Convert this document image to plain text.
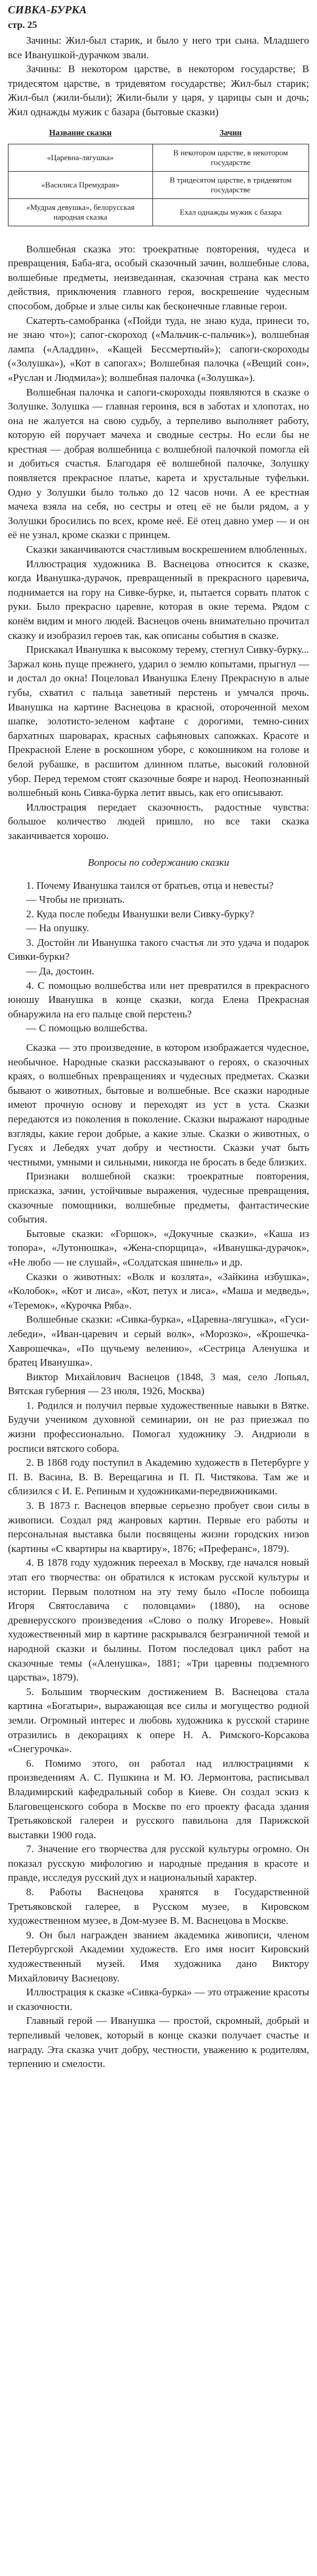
СИВКА-БУРКА
стр. 25

Зачины: Жил-был старик, и было у него три сына. Младшего все Иванушкой-дурачком звали.

Зачины: В некотором царстве, в некотором государстве; В тридесятом царстве, в тридевятом государстве; Жил-был старик; Жил-был (жили-были); Жили-были у царя, у царицы сын и дочь; Жил однажды мужик с базара (бытовые сказки)

Название сказки	Зачин
«Царевна-лягушка»	В некотором царстве, в некотором государстве
«Василиса Премудрая»	В тридесятом царстве, в тридевятом государстве
«Мудрая девушка», белорусская народная сказка	Ехал однажды мужик с базара

Волшебная сказка это: троекратные повторения, чудеса и превращения, Баба-яга, особый сказочный зачин, волшебные слова, волшебные предметы, неизведанная, сказочная страна как место действия, приключения главного героя, воскрешение чудесным способом, добрые и злые силы как бесконечные главные герои.

Скатерть-самобранка («Пойди туда, не знаю куда, принеси то, не знаю что»); сапог-скороход («Мальчик-с-пальчик»), волшебная лампа («Аладдин», «Кащей Бессмертный»); сапоги-скороходы («Золушка»), «Кот в сапогах»; Волшебная палочка («Вещий сон», «Руслан и Людмила»); волшебная палочка («Золушка»).

Волшебная палочка и сапоги-скороходы появляются в сказке о Золушке. Золушка — главная героиня, вся в заботах и хлопотах, но она не жалуется на свою судьбу, а терпеливо выполняет работу, которую ей поручает мачеха и сводные сестры. Но если бы не крестная — добрая волшебница с волшебной палочкой помогла ей и добиться счастья. Благодаря её волшебной палочке, Золушку появляется прекрасное платье, карета и хрустальные туфельки. Одно у Золушки было только до 12 часов ночи. А ее крестная мачеха взяла на себя, но сестры и отец её не были рядом, а у Золушки бросились по всех, кроме неё. Её отец давно умер — и он её не узнал, кроме сказки с принцем.

Сказки заканчиваются счастливым воскрешением влюбленных.

Иллюстрация художника В. Васнецова относится к сказке, когда Иванушка-дурачок, превращенный в прекрасного царевича, поднимается на гору на Сивке-бурке, и, пытается сорвать платок с руки. Было прекрасно царевне, которая в окне терема. Рядом с конём видим и много людей. Васнецов очень внимательно прочитал сказку и изобразил героев так, как описаны события в сказке.

Прискакал Иванушка к высокому терему, стегнул Сивку-бурку... Заржал конь пуще прежнего, ударил о землю копытами, прыгнул — и достал до окна! Поцеловал Иванушка Елену Прекрасную в алые губы, схватил с пальца заветный перстень и умчался прочь. Иванушка на картине Васнецова в красной, отороченной мехом шапке, золотисто-зеленом кафтане с дорогими, темно-синих бархатных шароварах, красных сафьяновых сапожках. Красоте и Прекрасной Елене в роскошном уборе, с кокошником на голове и белой рубашке, в расшитом длинном платье, высокий головной убор. Перед теремом стоят сказочные бояре и народ. Неопознанный волшебный конь Сивка-бурка летит ввысь, как его описывают.

Иллюстрация передает сказочность, радостные чувства: большое количество людей пришло, но все таки сказка заканчивается хорошо.

Вопросы по содержанию сказки

1. Почему Иванушка таился от братьев, отца и невесты?

— Чтобы не признать.

2. Куда после победы Иванушки вели Сивку-бурку?

— На опушку.

3. Достойн ли Иванушка такого счастья ли это удача и подарок Сивки-бурки?

— Да, достоин.

4. С помощью волшебства или нет превратился в прекрасного юношу Иванушка в конце сказки, когда Елена Прекрасная обнаружила на его пальце свой перстень?

— С помощью волшебства.

Сказка — это произведение, в котором изображается чудесное, необычное. Народные сказки рассказывают о героях, о сказочных краях, о волшебных превращениях и чудесных предметах. Сказки бывают о животных, бытовые и волшебные. Все сказки народные имеют прочную основу и переходят из уст в уста. Сказки передаются из поколения в поколение. Сказки выражают народные взгляды, какие герои добрые, а какие злые. Сказки о животных, о Гусях и Лебедях учат добру и честности. Сказки учат быть честными, умными и сильными, никогда не бросать в беде близких.

Признаки волшебной сказки: троекратные повторения, присказка, зачин, устойчивые выражения, чудесные превращения, сказочные помощники, волшебные предметы, фантастические события.

Бытовые сказки: «Горшок», «Докучные сказки», «Каша из топора», «Лутонюшка», «Жена-спорщица», «Иванушка-дурачок», «Не любо — не слушай», «Солдатская шинель» и др.

Сказки о животных: «Волк и козлята», «Зайкина избушка», «Колобок», «Кот и лиса», «Кот, петух и лиса», «Маша и медведь», «Теремок», «Курочка Ряба».

Волшебные сказки: «Сивка-бурка», «Царевна-лягушка», «Гуси-лебеди», «Иван-царевич и серый волк», «Морозко», «Крошечка-Хаврошечка», «По щучьему велению», «Сестрица Аленушка и братец Иванушка».

Виктор Михайлович Васнецов (1848, 3 мая, село Лопьял, Вятская губерния — 23 июля, 1926, Москва)

1. Родился и получил первые художественные навыки в Вятке. Будучи учеником духовной семинарии, он не раз приезжал по жизни профессионально. Помогал художнику Э. Андриоли в росписи вятского собора.

2. В 1868 году поступил в Академию художеств в Петербурге у П. В. Васина, В. В. Верещагина и П. П. Чистякова. Там же и сблизился с И. Е. Репиным и художниками-передвижниками.

3. В 1873 г. Васнецов впервые серьезно пробует свои силы в живописи. Создал ряд жанровых картин. Первые его работы и персональная выставка были посвящены жизни городских низов (картины «С квартиры на квартиру», 1876; «Преферанс», 1879).

4. В 1878 году художник переехал в Москву, где начался новый этап его творчества: он обратился к истокам русской культуры и истории. Первым полотном на эту тему было «После побоища Игоря Святославича с половцами» (1880), на основе древнерусского произведения «Слово о полку Игореве». Новый художественный мир в картине раскрывался безграничной темой и народной сказки и былины. Потом последовал цикл работ на сказочные темы («Аленушка», 1881; «Три царевны подземного царства», 1879).

5. Большим творческим достижением В. Васнецова стала картина «Богатыри», выражающая все силы и могущество родной земли. Огромный интерес и любовь художника к русской старине отразились в декорациях к опере Н. А. Римского-Корсакова «Снегурочка».

6. Помимо этого, он работал над иллюстрациями к произведениям А. С. Пушкина и М. Ю. Лермонтова, расписывал Владимирский кафедральный собор в Киеве. Он создал эскиз к Благовещенского собора в Москве по его проекту фасада здания Третьяковской галереи и русского павильона для Парижской выставки 1900 года.

7. Значение его творчества для русской культуры огромно. Он показал русскую мифологию и народные предания в красоте и правде, исследуя русский дух и национальный характер.

8. Работы Васнецова хранятся в Государственной Третьяковской галерее, в Русском музее, в Кировском художественном музее, в Дом-музее В. М. Васнецова в Москве.

9. Он был награжден званием академика живописи, членом Петербургской Академии художеств. Его имя носит Кировский художественный музей. Имя художника дано Виктору Михайловичу Васнецову.

Иллюстрация к сказке «Сивка-бурка» — это отражение красоты и сказочности.

Главный герой — Иванушка — простой, скромный, добрый и терпеливый человек, который в конце сказки получает счастье и награду. Эта сказка учит добру, честности, уважению к родителям, терпению и смелости.
